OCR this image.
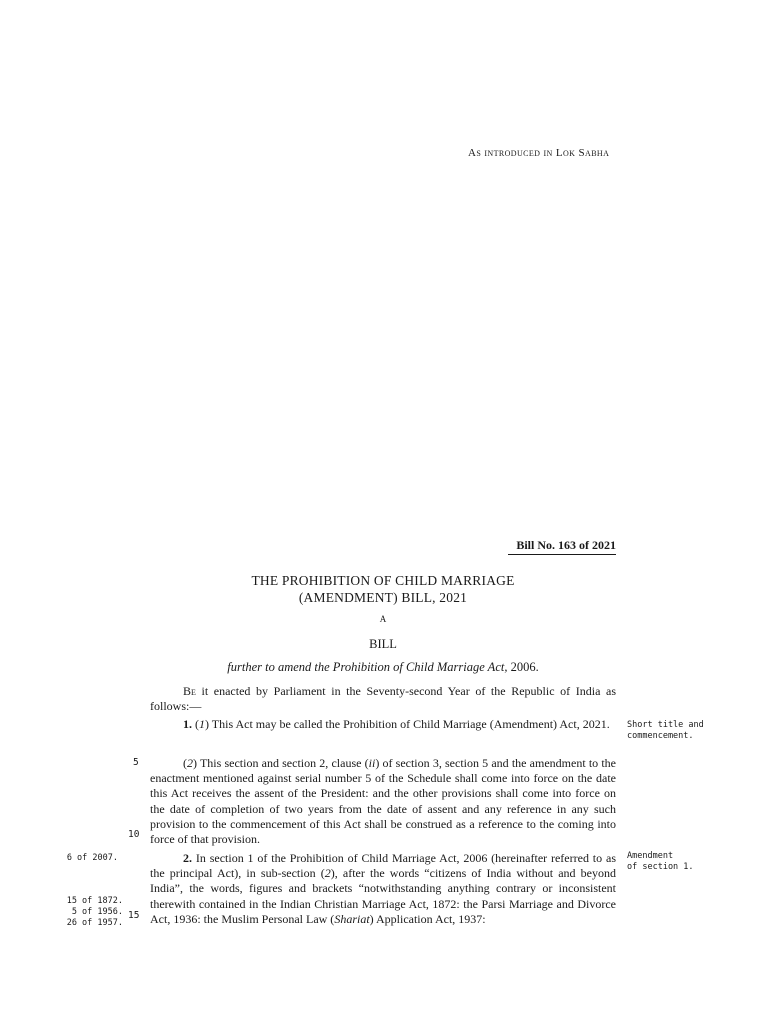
As introduced in Lok Sabha
Bill No. 163 of 2021
THE PROHIBITION OF CHILD MARRIAGE
(AMENDMENT) BILL, 2021
A
BILL
further to amend the Prohibition of Child Marriage Act, 2006.
Be it enacted by Parliament in the Seventy-second Year of the Republic of India as follows:—
1. (1) This Act may be called the Prohibition of Child Marriage (Amendment) Act, 2021.
(2) This section and section 2, clause (ii) of section 3, section 5 and the amendment to the enactment mentioned against serial number 5 of the Schedule shall come into force on the date this Act receives the assent of the President: and the other provisions shall come into force on the date of completion of two years from the date of assent and any reference in any such provision to the commencement of this Act shall be construed as a reference to the coming into force of that provision.
2. In section 1 of the Prohibition of Child Marriage Act, 2006 (hereinafter referred to as the principal Act), in sub-section (2), after the words “citizens of India without and beyond India”, the words, figures and brackets “notwithstanding anything contrary or inconsistent therewith contained in the Indian Christian Marriage Act, 1872: the Parsi Marriage and Divorce Act, 1936: the Muslim Personal Law (Shariat) Application Act, 1937:
Short title and
commencement.
Amendment
of section 1.
6 of 2007.
15 of 1872.
5 of 1956.
26 of 1957.
5
10
15
